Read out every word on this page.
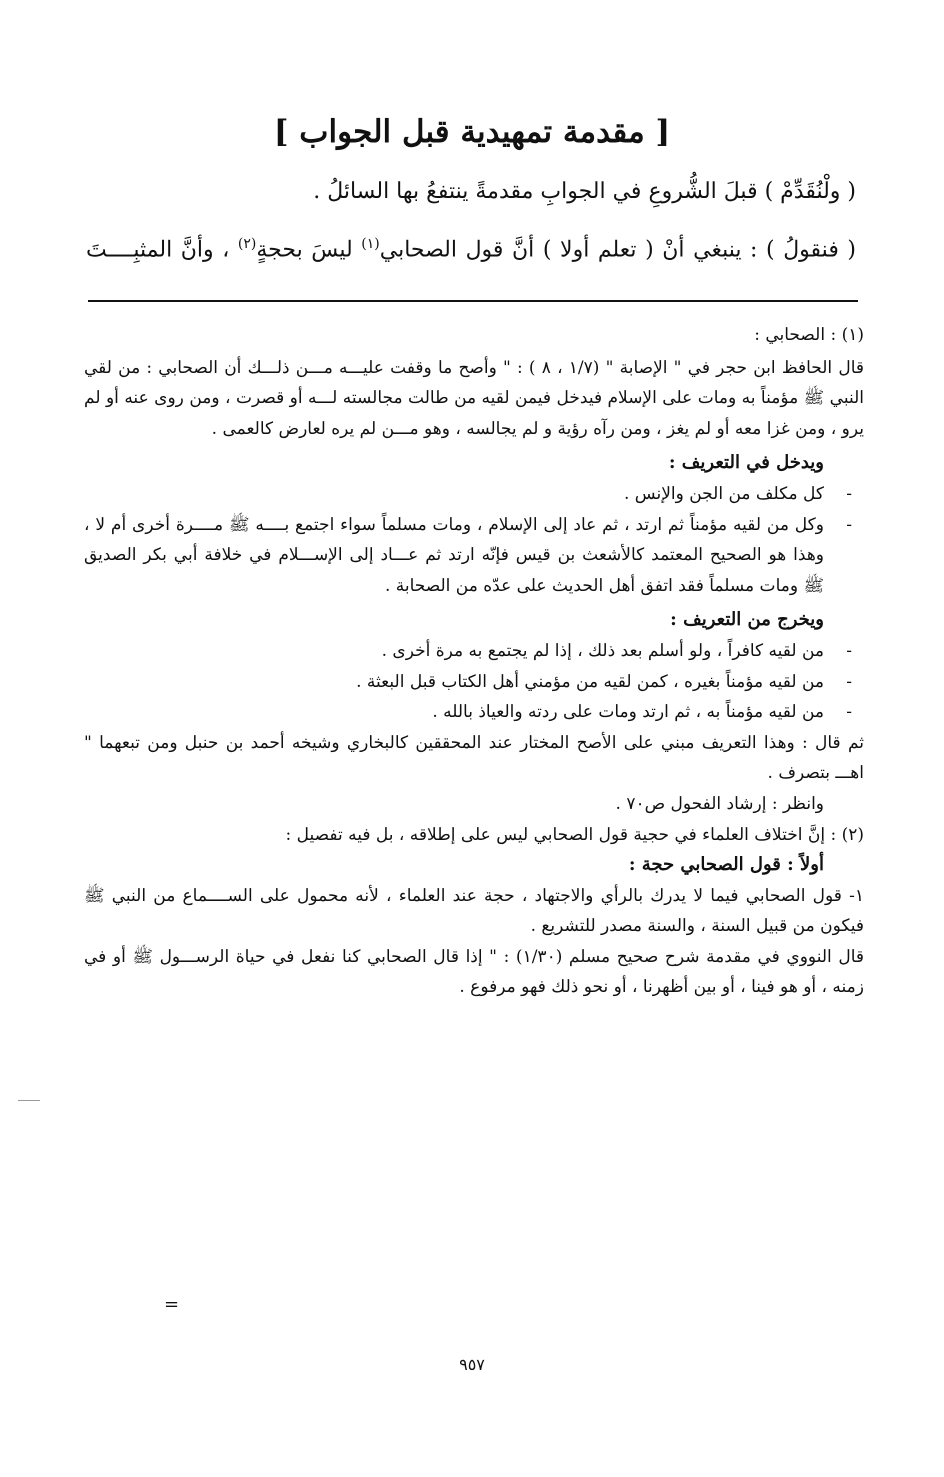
[ مقدمة تمهيدية قبل الجواب ]
( ولْنُقَدِّمْ ) قبلَ الشُّروعِ في الجوابِ مقدمةً ينتفعُ بها السائلُ .
( فنقولُ ) : ينبغي أنْ ( تعلم أولا ) أنَّ قول الصحابي$^{(١)}$ ليسَ بحجةٍ$^{(٢)}$ ، وأنَّ المثبِــــتَ

(١) : الصحابي :

قال الحافظ ابن حجر في " الإصابة " (١/٧ ، ٨ ) : " وأصح ما وقفت عليـــه مـــن ذلـــك أن الصحابي : من لقي النبي ﷺ مؤمناً به ومات على الإسلام فيدخل فيمن لقيه من طالت مجالسته لـــه أو قصرت ، ومن روى عنه أو لم يرو ، ومن غزا معه أو لم يغز ، ومن رآه رؤية و لم يجالسه ، وهو مـــن لم يره لعارض كالعمى .

ويدخل في التعريف :

-
كل مكلف من الجن والإنس .
-
وكل من لقيه مؤمناً ثم ارتد ، ثم عاد إلى الإسلام ، ومات مسلماً سواء اجتمع بــــه ﷺ مــــرة أخرى أم لا ، وهذا هو الصحيح المعتمد كالأشعث بن قيس فإنّه ارتد ثم عـــاد إلى الإســـلام في خلافة أبي بكر الصديق ﷺ ومات مسلماً فقد اتفق أهل الحديث على عدّه من الصحابة .

ويخرج من التعريف :

-
من لقيه كافراً ، ولو أسلم بعد ذلك ، إذا لم يجتمع به مرة أخرى .
-
من لقيه مؤمناً بغيره ، كمن لقيه من مؤمني أهل الكتاب قبل البعثة .
-
من لقيه مؤمناً به ، ثم ارتد ومات على ردته والعياذ بالله .

ثم قال : وهذا التعريف مبني على الأصح المختار عند المحققين كالبخاري وشيخه أحمد بن حنبل ومن تبعهما " اهـــ بتصرف .

وانظر : إرشاد الفحول ص٧٠ .

(٢) : إنَّ اختلاف العلماء في حجية قول الصحابي ليس على إطلاقه ، بل فيه تفصيل :

أولاً : قول الصحابي حجة :

١- قول الصحابي فيما لا يدرك بالرأي والاجتهاد ، حجة عند العلماء ، لأنه محمول على الســــماع من النبي ﷺ فيكون من قبيل السنة ، والسنة مصدر للتشريع .

قال النووي في مقدمة شرح صحيح مسلم (١/٣٠) : " إذا قال الصحابي كنا نفعل في حياة الرســـول ﷺ أو في زمنه ، أو هو فينا ، أو بين أظهرنا ، أو نحو ذلك فهو مرفوع .

=
٩٥٧
